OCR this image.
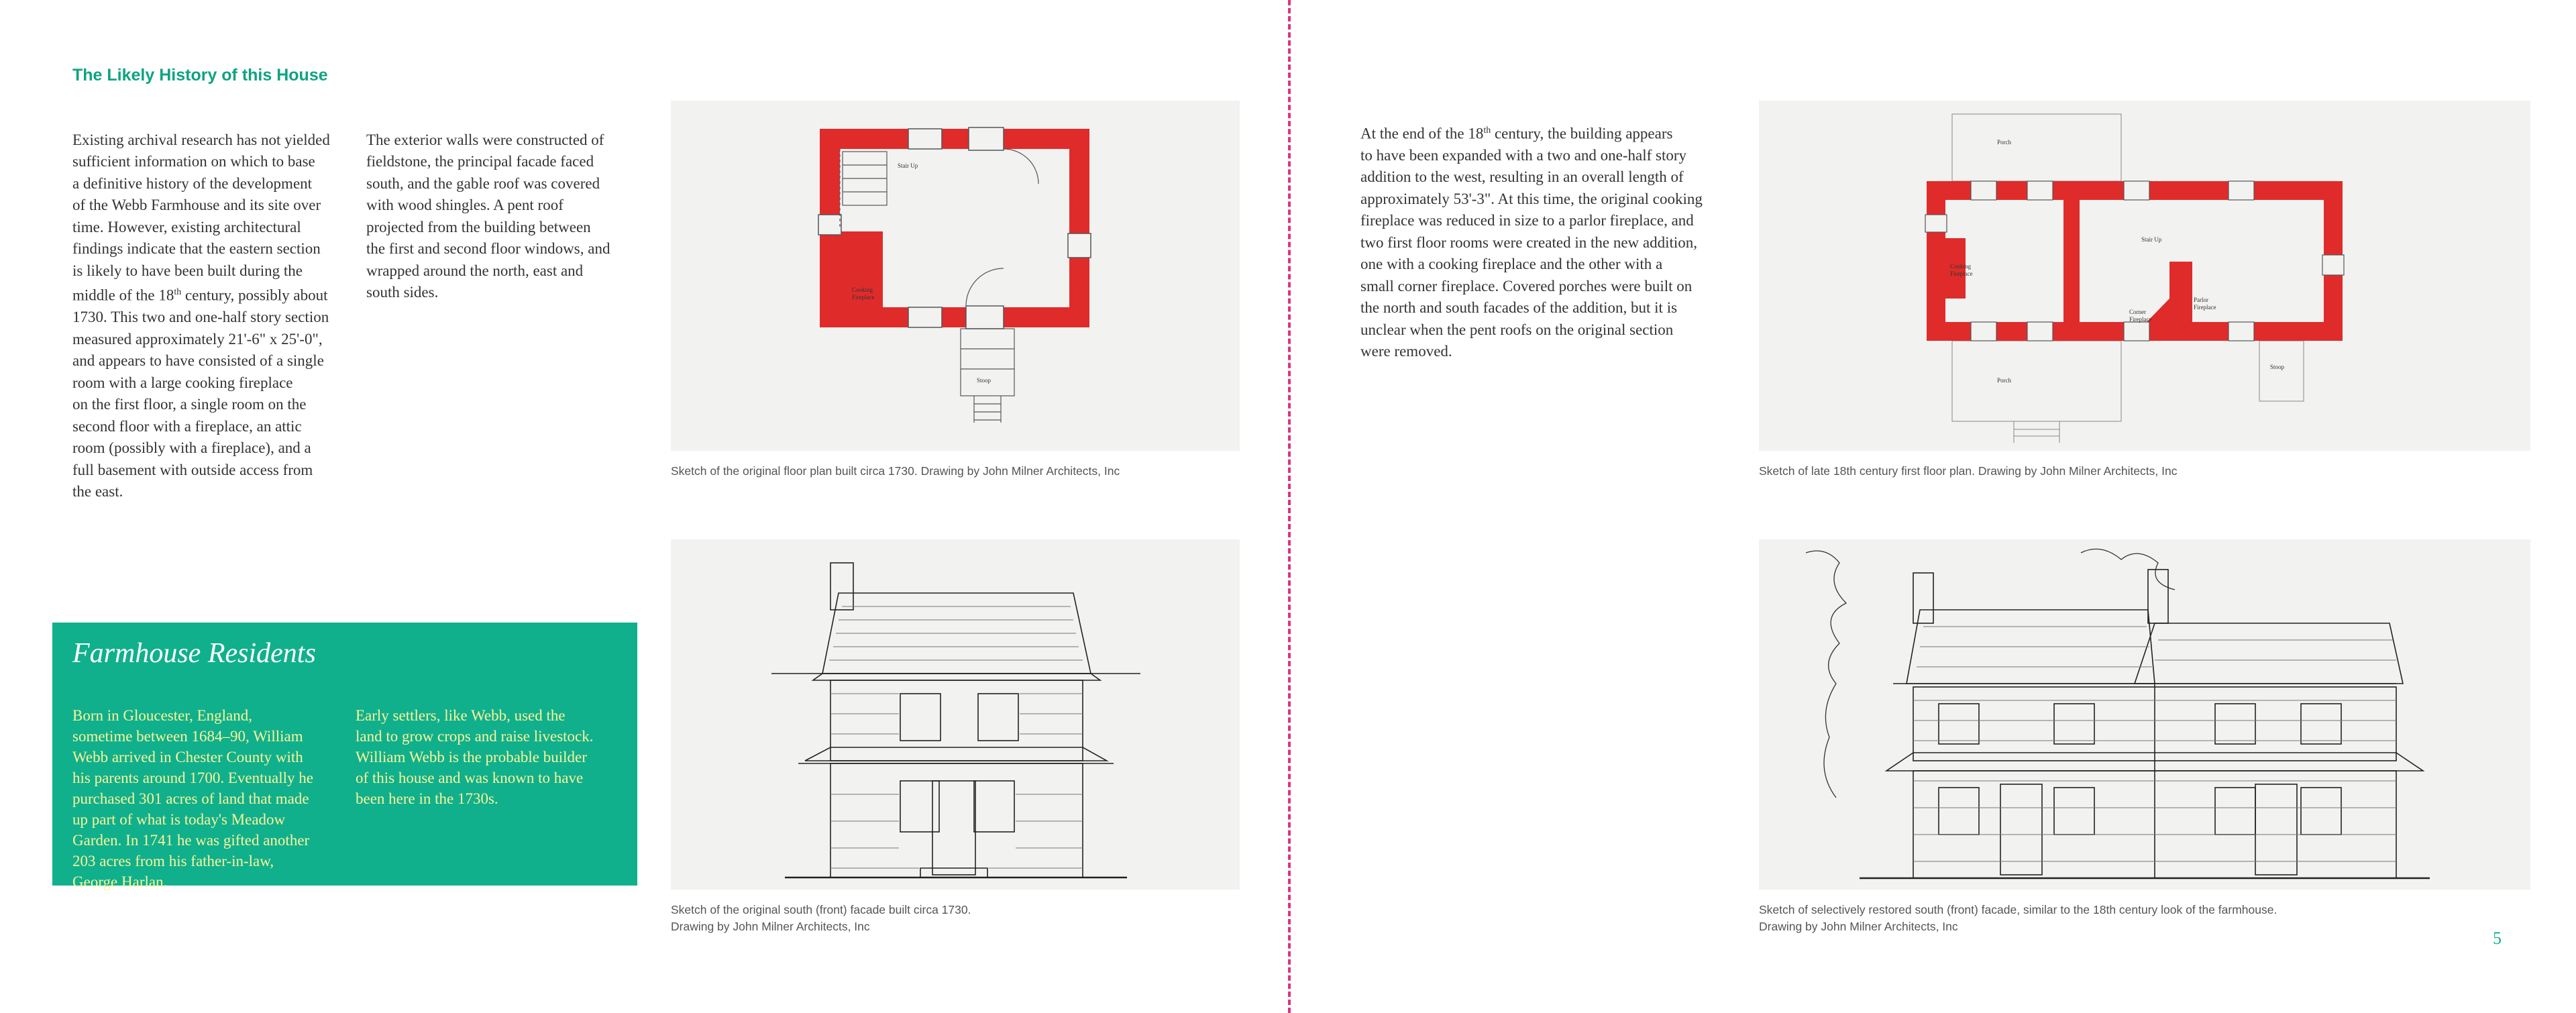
The Likely History of this House

Existing archival research has not yielded
sufficient information on which to base
a definitive history of the development
of the Webb Farmhouse and its site over
time. However, existing architectural
findings indicate that the eastern section
is likely to have been built during the
middle of the 18th century, possibly about
1730. This two and one-half story section
measured approximately 21'-6" x 25'-0",
and appears to have consisted of a single
room with a large cooking fireplace
on the first floor, a single room on the
second floor with a fireplace, an attic
room (possibly with a fireplace), and a
full basement with outside access from
the east.

The exterior walls were constructed of
fieldstone, the principal facade faced
south, and the gable roof was covered
with wood shingles. A pent roof
projected from the building between
the first and second floor windows, and
wrapped around the north, east and
south sides.

Farmhouse Residents

Born in Gloucester, England,
sometime between 1684–90, William
Webb arrived in Chester County with
his parents around 1700. Eventually he
purchased 301 acres of land that made
up part of what is today's Meadow
Garden. In 1741 he was gifted another
203 acres from his father-in-law,
George Harlan.

Early settlers, like Webb, used the
land to grow crops and raise livestock.
William Webb is the probable builder
of this house and was known to have
been here in the 1730s.

Stair Up
Cooking Fireplace
Stoop
Sketch of the original floor plan built circa 1730. Drawing by John Milner Architects, Inc
Sketch of the original south (front) facade built circa 1730.
Drawing by John Milner Architects, Inc

At the end of the 18th century, the building appears
to have been expanded with a two and one-half story
addition to the west, resulting in an overall length of
approximately 53'-3". At this time, the original cooking
fireplace was reduced in size to a parlor fireplace, and
two first floor rooms were created in the new addition,
one with a cooking fireplace and the other with a
small corner fireplace. Covered porches were built on
the north and south facades of the addition, but it is
unclear when the pent roofs on the original section
were removed.

Porch
Porch
Stair Up
Cooking Fireplace
Parlor Fireplace
Corner Fireplace
Stoop
Sketch of late 18th century first floor plan. Drawing by John Milner Architects, Inc
Sketch of selectively restored south (front) facade, similar to the 18th century look of the farmhouse.
Drawing by John Milner Architects, Inc
5
